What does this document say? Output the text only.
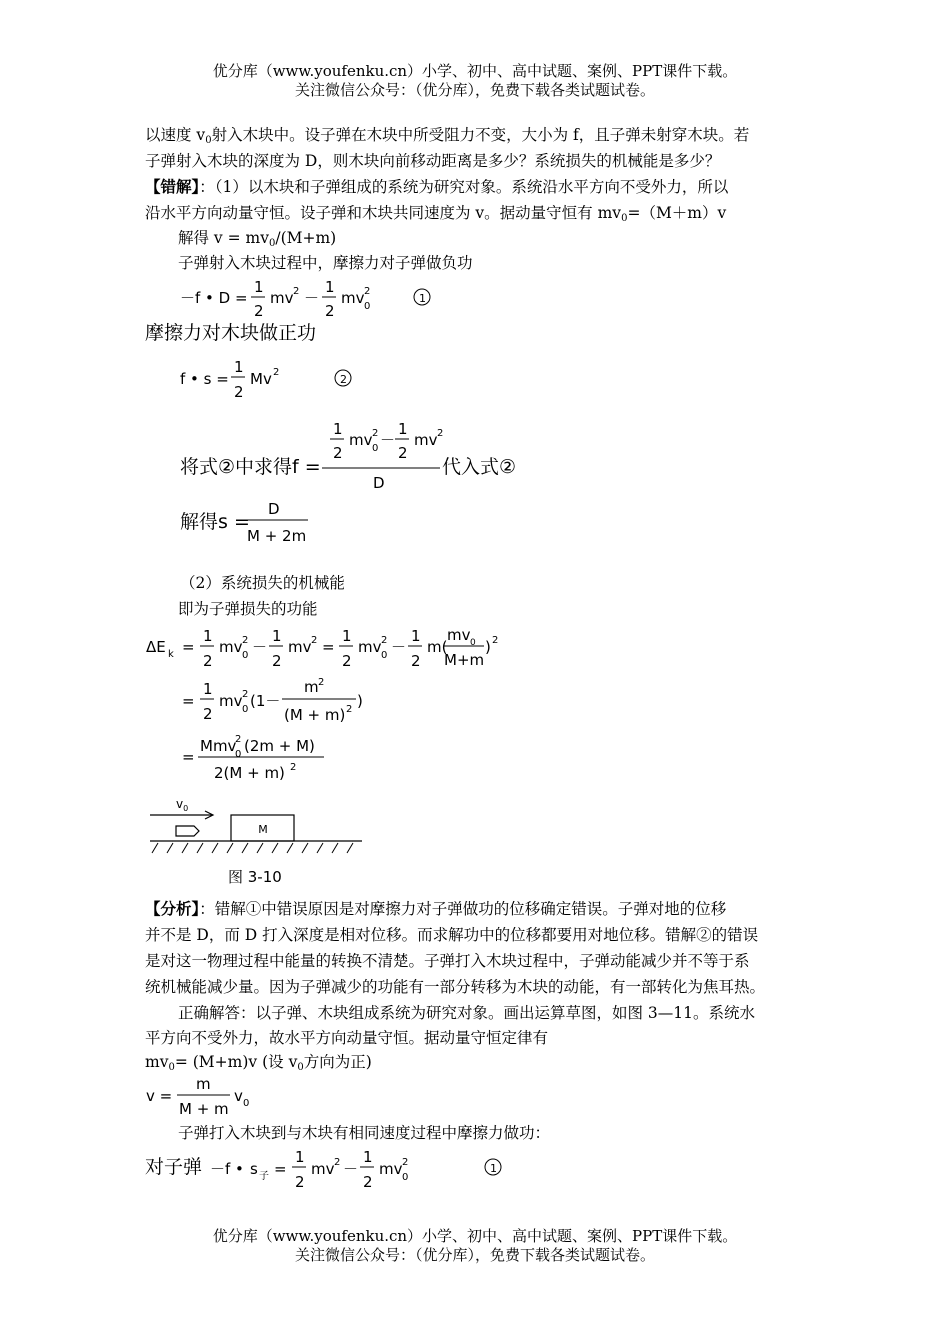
优分库（www.youfenku.cn）小学、初中、高中试题、案例、PPT课件下载。
关注微信公众号：（优分库），免费下载各类试题试卷。
以速度 v0射入木块中。设子弹在木块中所受阻力不变，大小为 f，且子弹未射穿木块。若
子弹射入木块的深度为 D，则木块向前移动距离是多少？系统损失的机械能是多少？
【错解】：（1）以木块和子弹组成的系统为研究对象。系统沿水平方向不受外力，所以
沿水平方向动量守恒。设子弹和木块共同速度为 v。据动量守恒有 mv0=（M＋m）v
解得 v = mv0/(M+m)
子弹射入木块过程中，摩擦力对子弹做负功
摩擦力对木块做正功
将式②中求得f =	代入式②
解得s =
（2）系统损失的机械能
即为子弹损失的功能
【分析】：错解①中错误原因是对摩擦力对子弹做功的位移确定错误。子弹对地的位移
并不是 D，而 D 打入深度是相对位移。而求解功中的位移都要用对地位移。错解②的错误
是对这一物理过程中能量的转换不清楚。子弹打入木块过程中，子弹动能减少并不等于系
统机械能减少量。因为子弹减少的功能有一部分转移为木块的动能，有一部转化为焦耳热。
正确解答：以子弹、木块组成系统为研究对象。画出运算草图，如图 3—11。系统水
平方向不受外力，故水平方向动量守恒。据动量守恒定律有
mv0= (M+m)v (设 v0方向为正)
子弹打入木块到与木块有相同速度过程中摩擦力做功：
对子弹
－f • D =
1
2
mv 2 －
1
2
mv 2
0
1
f • s =
1
2
Mv 2
2
1
2
mv 2
0 －
1
2
mv 2
D
D
M + 2m
ΔE k =
1
2
mv 2
0 －
1
2
mv 2 =
1
2
mv 2
0 －
1
2
m(
mv 0
M+m
) 2
=
1
2
mv 2
0 (1－
m 2
(M + m) 2 )
=
Mmv
2
0 (2m + M)
2(M + m) 2
v =
m
M + m
v 0
－f • s 子 =
1
2
mv 2 －
1
2
mv 2
0
1
$v_0$
M
图 3-10
优分库（www.youfenku.cn）小学、初中、高中试题、案例、PPT课件下载。
关注微信公众号：（优分库），免费下载各类试题试卷。
